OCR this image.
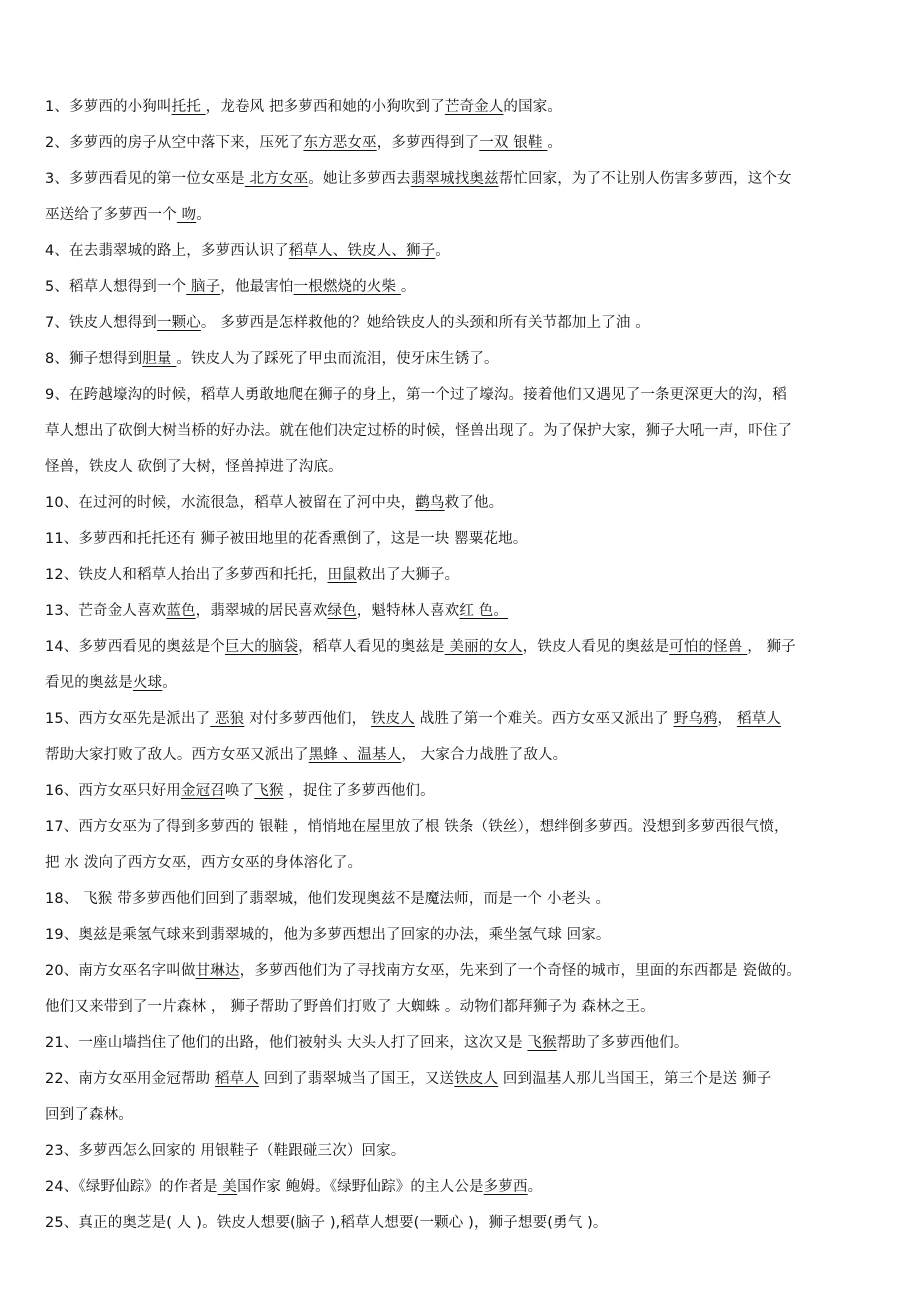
1、多萝西的小狗叫托托 ，龙卷风 把多萝西和她的小狗吹到了芒奇金人的国家。
2、多萝西的房子从空中落下来，压死了东方恶女巫，多萝西得到了一双 银鞋 。
3、多萝西看见的第一位女巫是 北方女巫。她让多萝西去翡翠城找奥兹帮忙回家，为了不让别人伤害多萝西，这个女
巫送给了多萝西一个 吻。
4、在去翡翠城的路上，多萝西认识了稻草人、铁皮人、狮子。
5、稻草人想得到一个 脑子，他最害怕一根燃烧的火柴 。
7、铁皮人想得到一颗心。 多萝西是怎样救他的？她给铁皮人的头颈和所有关节都加上了油 。
8、狮子想得到胆量 。铁皮人为了踩死了甲虫而流泪，使牙床生锈了。
9、在跨越壕沟的时候，稻草人勇敢地爬在狮子的身上，第一个过了壕沟。接着他们又遇见了一条更深更大的沟，稻
草人想出了砍倒大树当桥的好办法。就在他们决定过桥的时候，怪兽出现了。为了保护大家，狮子大吼一声，吓住了
怪兽，铁皮人 砍倒了大树，怪兽掉进了沟底。
10、在过河的时候，水流很急，稻草人被留在了河中央，鹳鸟救了他。
11、多萝西和托托还有 狮子被田地里的花香熏倒了，这是一块 罂粟花地。
12、铁皮人和稻草人抬出了多萝西和托托，田鼠救出了大狮子。
13、芒奇金人喜欢蓝色，翡翠城的居民喜欢绿色，魁特林人喜欢红 色。
14、多萝西看见的奥兹是个巨大的脑袋，稻草人看见的奥兹是 美丽的女人，铁皮人看见的奥兹是可怕的怪兽 ， 狮子
看见的奥兹是火球。
15、西方女巫先是派出了 恶狼 对付多萝西他们， 铁皮人 战胜了第一个难关。西方女巫又派出了 野乌鸦， 稻草人
帮助大家打败了敌人。西方女巫又派出了黑蜂 、温基人， 大家合力战胜了敌人。
16、西方女巫只好用金冠召唤了飞猴 ，捉住了多萝西他们。
17、西方女巫为了得到多萝西的 银鞋 ，悄悄地在屋里放了根 铁条（铁丝），想绊倒多萝西。没想到多萝西很气愤，
把 水 泼向了西方女巫，西方女巫的身体溶化了。
18、 飞猴 带多萝西他们回到了翡翠城，他们发现奥兹不是魔法师，而是一个 小老头 。
19、奥兹是乘氢气球来到翡翠城的，他为多萝西想出了回家的办法，乘坐氢气球 回家。
20、南方女巫名字叫做甘琳达，多萝西他们为了寻找南方女巫，先来到了一个奇怪的城市，里面的东西都是 瓷做的。
他们又来带到了一片森林 ， 狮子帮助了野兽们打败了 大蜘蛛 。动物们都拜狮子为 森林之王。
21、一座山墙挡住了他们的出路，他们被射头 大头人打了回来，这次又是 飞猴帮助了多萝西他们。
22、南方女巫用金冠帮助 稻草人 回到了翡翠城当了国王，又送铁皮人 回到温基人那儿当国王，第三个是送 狮子
回到了森林。
23、多萝西怎么回家的 用银鞋子（鞋跟碰三次）回家。
24、《绿野仙踪》的作者是 美国作家 鲍姆。《绿野仙踪》的主人公是多萝西。
25、真正的奥芝是( 人 )。铁皮人想要(脑子 ),稻草人想要(一颗心 )，狮子想要(勇气 )。
